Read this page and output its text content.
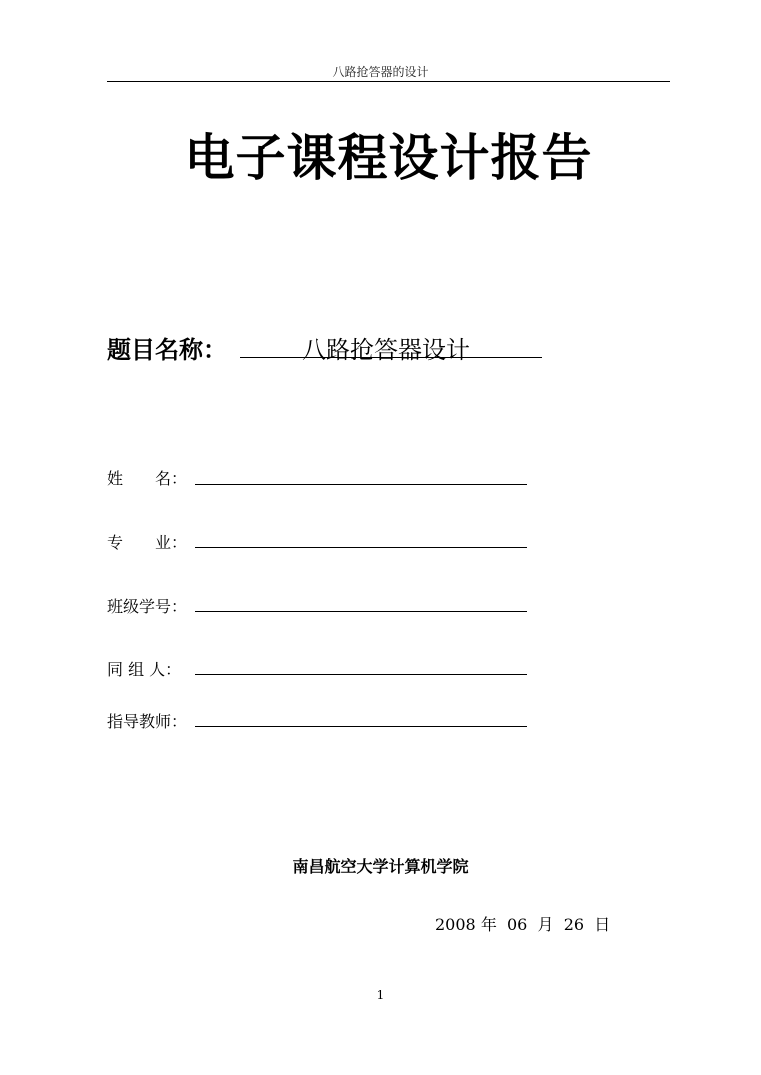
八路抢答器的设计
电子课程设计报告
题目名称：	八路抢答器设计
姓　　名：
专　　业：
班级学号：
同 组 人：
指导教师：
南昌航空大学计算机学院
2008 年 06 月 26 日
1
